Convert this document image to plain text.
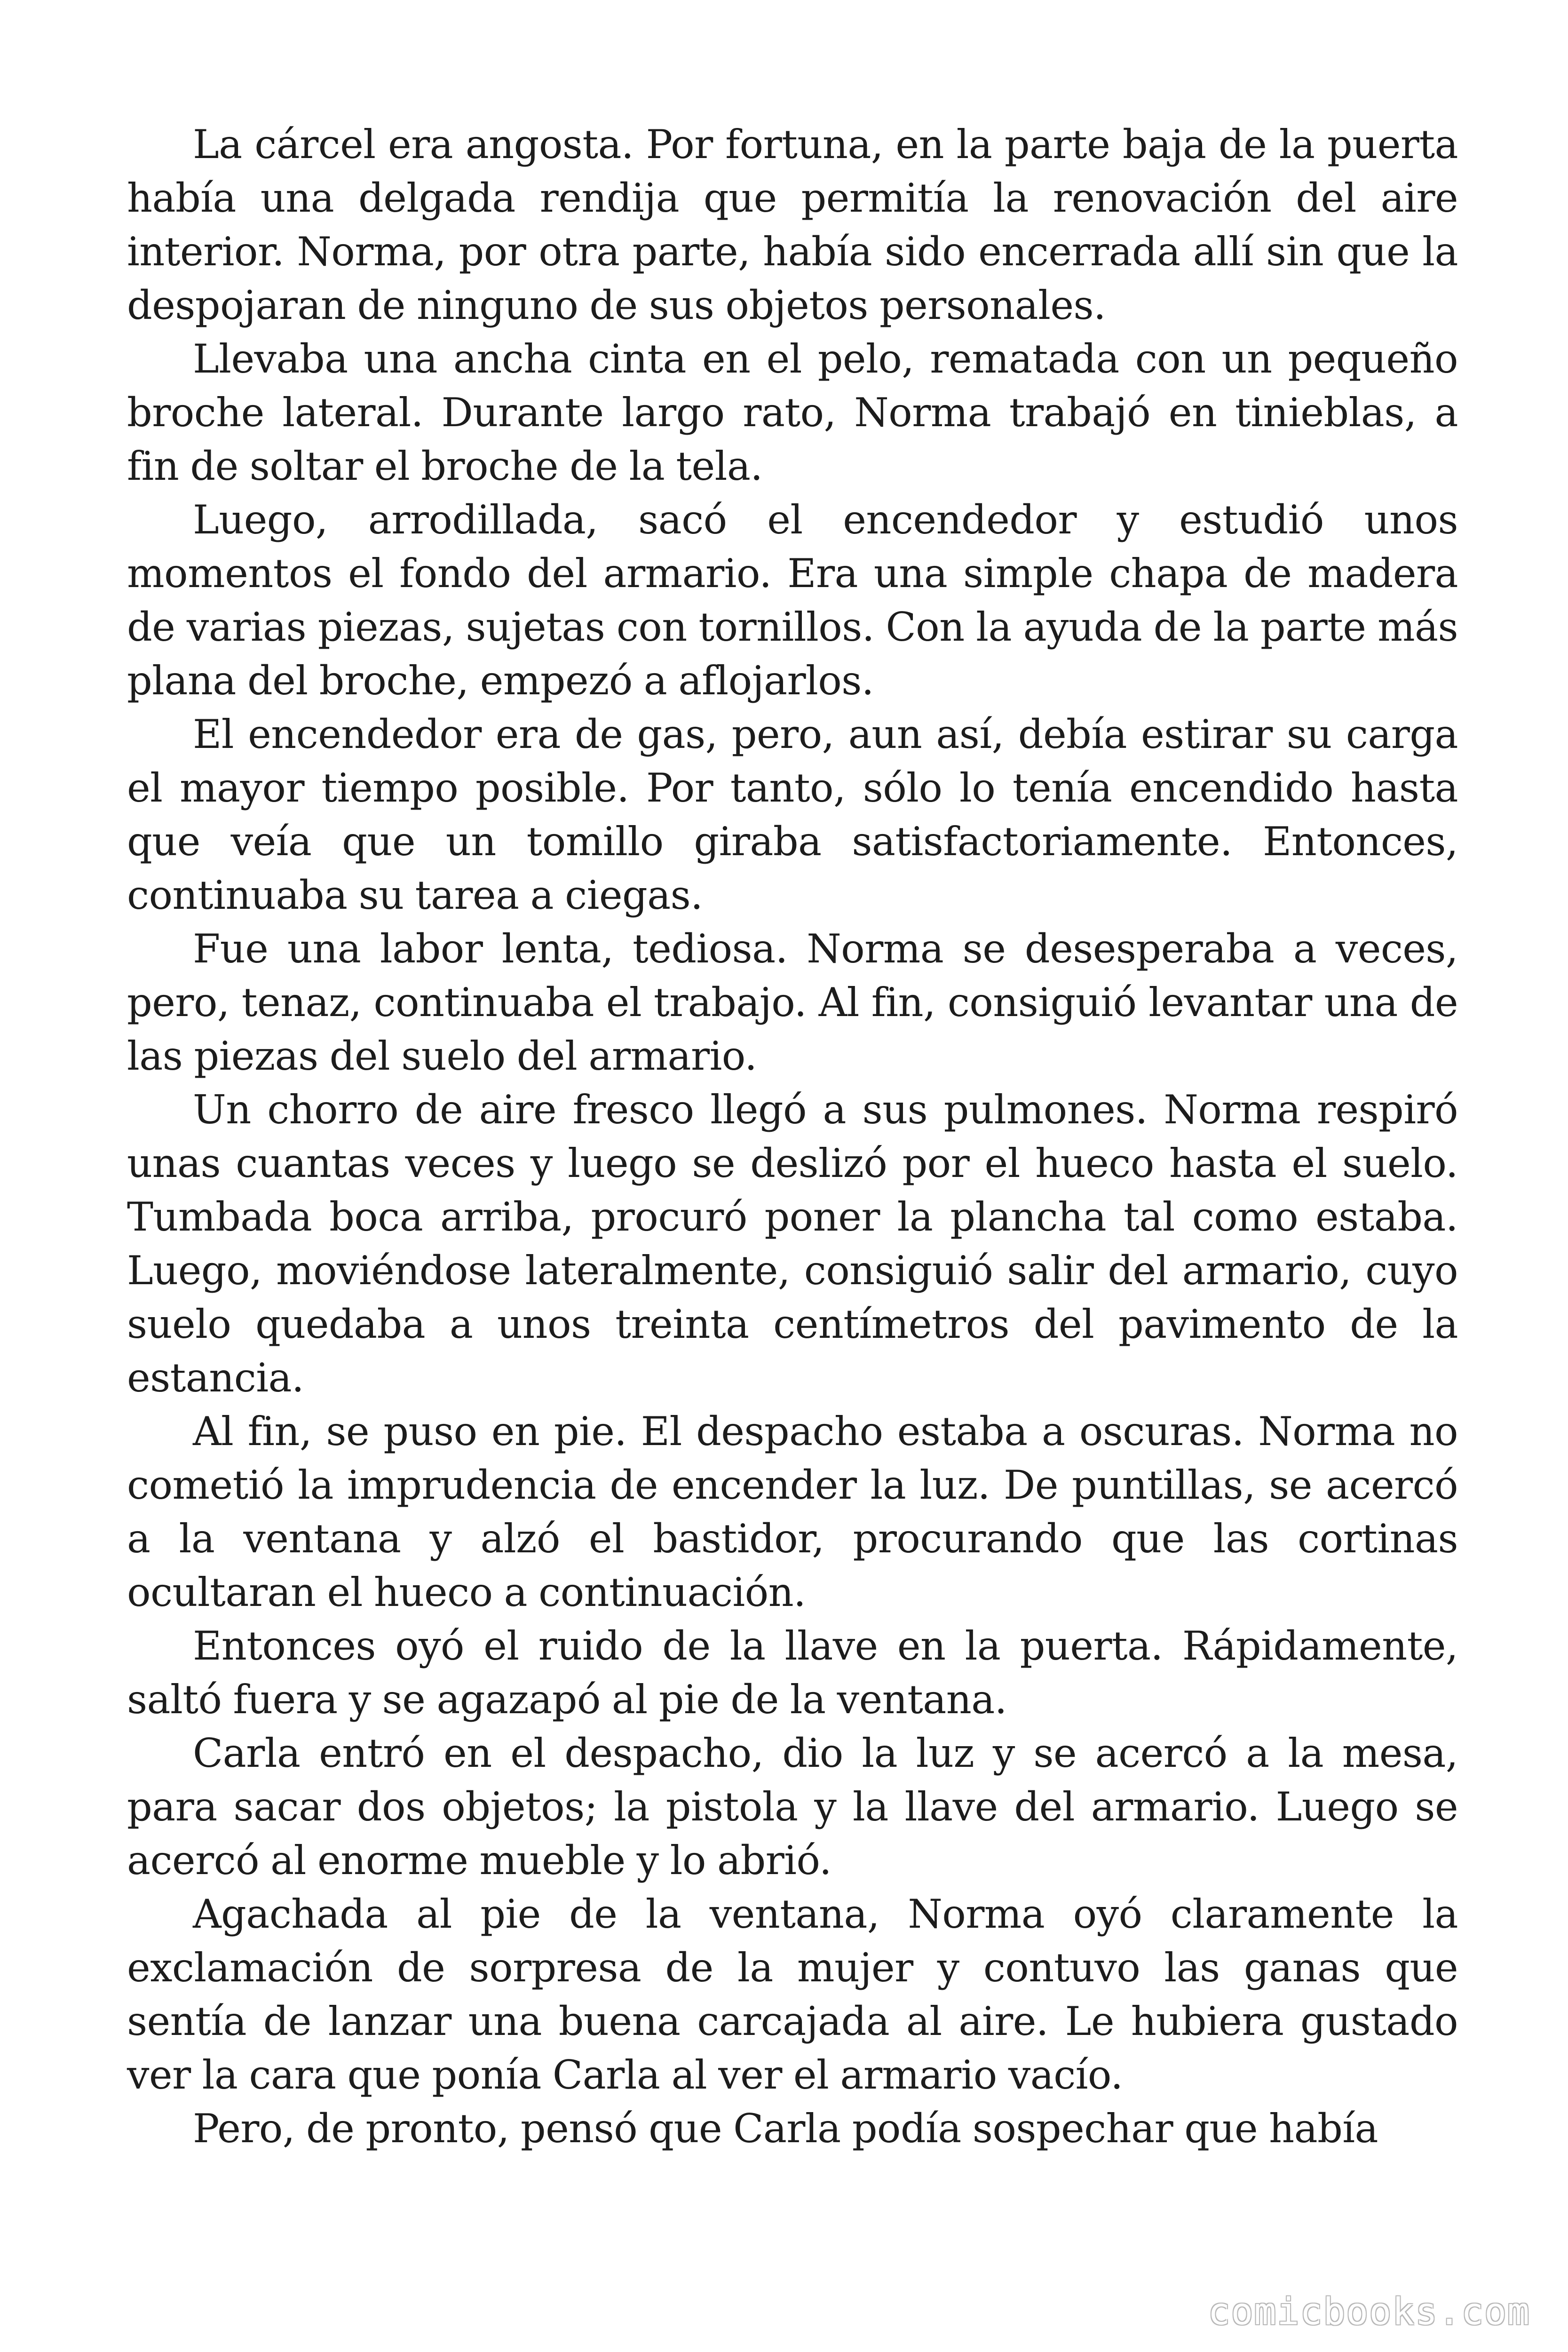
La cárcel era angosta. Por fortuna, en la parte baja de la puerta había una delgada rendija que permitía la renovación del aire interior. Norma, por otra parte, había sido encerrada allí sin que la despojaran de ninguno de sus objetos personales.

Llevaba una ancha cinta en el pelo, rematada con un pequeño broche lateral. Durante largo rato, Norma trabajó en tinieblas, a fin de soltar el broche de la tela.

Luego, arrodillada, sacó el encendedor y estudió unos momentos el fondo del armario. Era una simple chapa de madera de varias piezas, sujetas con tornillos. Con la ayuda de la parte más plana del broche, empezó a aflojarlos.

El encendedor era de gas, pero, aun así, debía estirar su carga el mayor tiempo posible. Por tanto, sólo lo tenía encendido hasta que veía que un tomillo giraba satisfactoriamente. Entonces, continuaba su tarea a ciegas.

Fue una labor lenta, tediosa. Norma se desesperaba a veces, pero, tenaz, continuaba el trabajo. Al fin, consiguió levantar una de las piezas del suelo del armario.

Un chorro de aire fresco llegó a sus pulmones. Norma respiró unas cuantas veces y luego se deslizó por el hueco hasta el suelo. Tumbada boca arriba, procuró poner la plancha tal como estaba. Luego, moviéndose lateralmente, consiguió salir del armario, cuyo suelo quedaba a unos treinta centímetros del pavimento de la estancia.

Al fin, se puso en pie. El despacho estaba a oscuras. Norma no cometió la imprudencia de encender la luz. De puntillas, se acercó a la ventana y alzó el bastidor, procurando que las cortinas ocultaran el hueco a continuación.

Entonces oyó el ruido de la llave en la puerta. Rápidamente, saltó fuera y se agazapó al pie de la ventana.

Carla entró en el despacho, dio la luz y se acercó a la mesa, para sacar dos objetos; la pistola y la llave del armario. Luego se acercó al enorme mueble y lo abrió.

Agachada al pie de la ventana, Norma oyó claramente la exclamación de sorpresa de la mujer y contuvo las ganas que sentía de lanzar una buena carcajada al aire. Le hubiera gustado ver la cara que ponía Carla al ver el armario vacío.

Pero, de pronto, pensó que Carla podía sospechar que había

comicbooks.com
